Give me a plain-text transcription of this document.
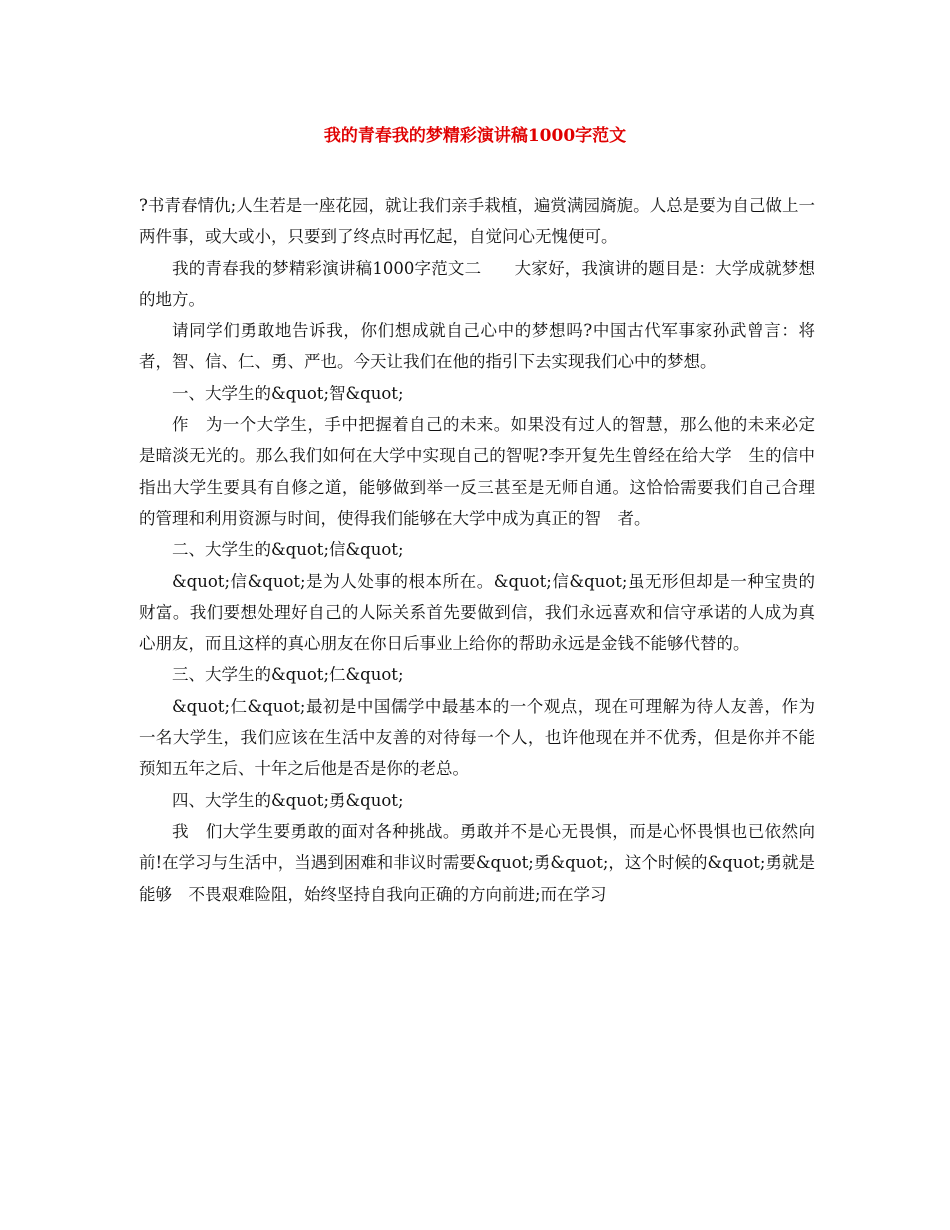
我的青春我的梦精彩演讲稿1000字范文

?书青春情仇;人生若是一座花园，就让我们亲手栽植，遍赏满园旖旎。人总是要为自己做上一两件事，或大或小，只要到了终点时再忆起，自觉问心无愧便可。

我的青春我的梦精彩演讲稿1000字范文二　　大家好，我演讲的题目是：大学成就梦想的地方。

请同学们勇敢地告诉我，你们想成就自己心中的梦想吗?中国古代军事家孙武曾言：将者，智、信、仁、勇、严也。今天让我们在他的指引下去实现我们心中的梦想。

一、大学生的&quot;智&quot;

作　为一个大学生，手中把握着自己的未来。如果没有过人的智慧，那么他的未来必定是暗淡无光的。那么我们如何在大学中实现自己的智呢?李开复先生曾经在给大学　生的信中指出大学生要具有自修之道，能够做到举一反三甚至是无师自通。这恰恰需要我们自己合理的管理和利用资源与时间，使得我们能够在大学中成为真正的智　者。

二、大学生的&quot;信&quot;

&quot;信&quot;是为人处事的根本所在。&quot;信&quot;虽无形但却是一种宝贵的财富。我们要想处理好自己的人际关系首先要做到信，我们永远喜欢和信守承诺的人成为真心朋友，而且这样的真心朋友在你日后事业上给你的帮助永远是金钱不能够代替的。

三、大学生的&quot;仁&quot;

&quot;仁&quot;最初是中国儒学中最基本的一个观点，现在可理解为待人友善，作为一名大学生，我们应该在生活中友善的对待每一个人，也许他现在并不优秀，但是你并不能预知五年之后、十年之后他是否是你的老总。

四、大学生的&quot;勇&quot;

我　们大学生要勇敢的面对各种挑战。勇敢并不是心无畏惧，而是心怀畏惧也已依然向前!在学习与生活中，当遇到困难和非议时需要&quot;勇&quot;，这个时候的&quot;勇就是能够　不畏艰难险阻，始终坚持自我向正确的方向前进;而在学习
